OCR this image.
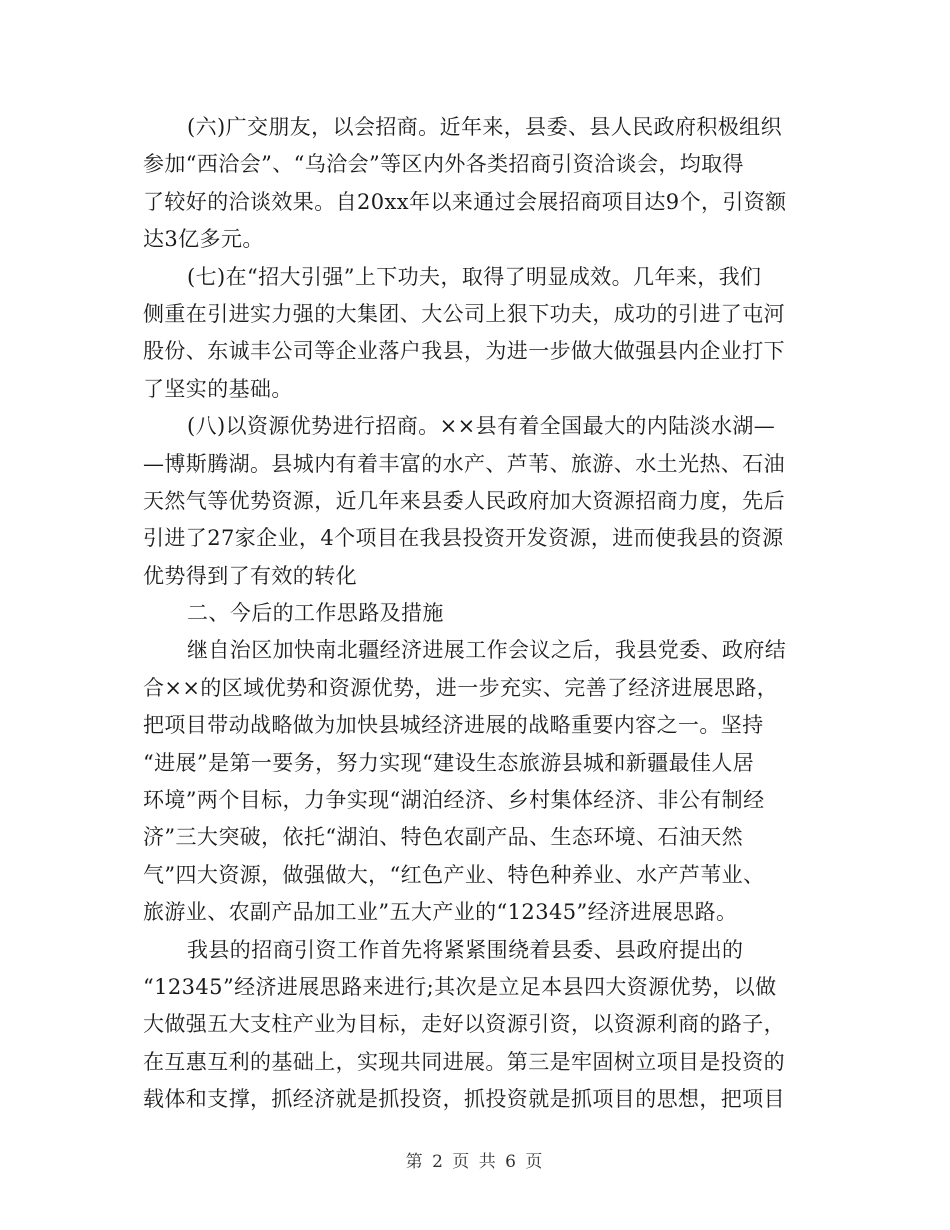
(六)广交朋友，以会招商。近年来，县委、县人民政府积极组织
参加“西洽会”、“乌洽会”等区内外各类招商引资洽谈会，均取得
了较好的洽谈效果。自20xx年以来通过会展招商项目达9个，引资额
达3亿多元。
(七)在“招大引强”上下功夫，取得了明显成效。几年来，我们
侧重在引进实力强的大集团、大公司上狠下功夫，成功的引进了屯河
股份、东诚丰公司等企业落户我县，为进一步做大做强县内企业打下
了坚实的基础。
(八)以资源优势进行招商。××县有着全国最大的内陆淡水湖—
—博斯腾湖。县城内有着丰富的水产、芦苇、旅游、水土光热、石油
天然气等优势资源，近几年来县委人民政府加大资源招商力度，先后
引进了27家企业，4个项目在我县投资开发资源，进而使我县的资源
优势得到了有效的转化
二、今后的工作思路及措施
继自治区加快南北疆经济进展工作会议之后，我县党委、政府结
合××的区域优势和资源优势，进一步充实、完善了经济进展思路，
把项目带动战略做为加快县城经济进展的战略重要内容之一。坚持
“进展”是第一要务，努力实现“建设生态旅游县城和新疆最佳人居
环境”两个目标，力争实现“湖泊经济、乡村集体经济、非公有制经
济”三大突破，依托“湖泊、特色农副产品、生态环境、石油天然
气”四大资源，做强做大，“红色产业、特色种养业、水产芦苇业、
旅游业、农副产品加工业”五大产业的“12345”经济进展思路。
我县的招商引资工作首先将紧紧围绕着县委、县政府提出的
“12345”经济进展思路来进行;其次是立足本县四大资源优势，以做
大做强五大支柱产业为目标，走好以资源引资，以资源利商的路子，
在互惠互利的基础上，实现共同进展。第三是牢固树立项目是投资的
载体和支撑，抓经济就是抓投资，抓投资就是抓项目的思想，把项目
第 2 页 共 6 页
